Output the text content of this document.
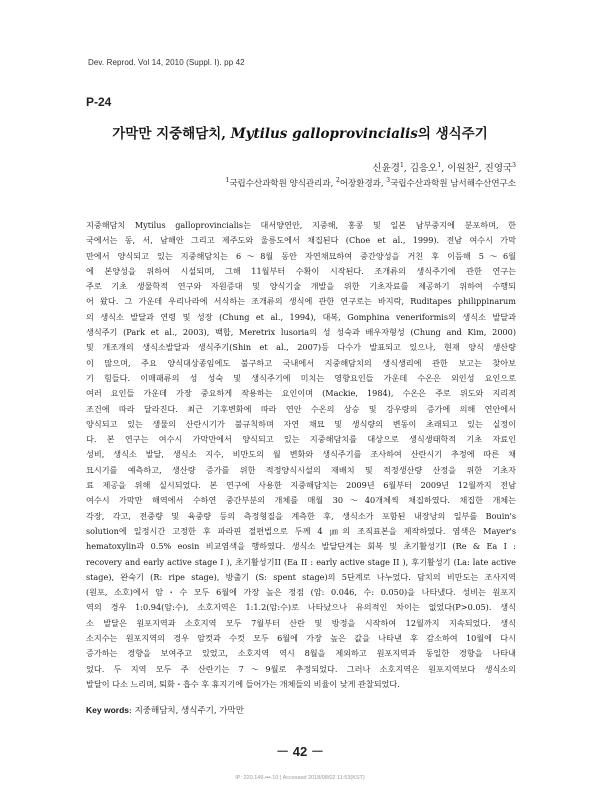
Dev. Reprod. Vol 14, 2010 (Suppl. I). pp 42
P-24
가막만 지중해담치, Mytilus galloprovincialis의 생식주기
신윤경$^1$, 김응오$^1$, 이원찬$^2$, 진영국$^3$
$^1$국립수산과학원 양식관리과, $^2$어장환경과, $^3$국립수산과학원 남서해수산연구소
지중해담치 Mytilus galloprovincialis는 대서양연안, 지중해, 홍콩 및 일본 남부중지에 분포하며, 한
국에서는 동, 서, 남해안 그리고 제주도와 울릉도에서 채집된다 (Choe et al., 1999). 전남 여수시 가막
만에서 양식되고 있는 지중해담치는 6～8월 동안 자연채묘하여 중간양성을 거친 후 이듬해 5～6월
에 본양성을 위하여 시설되며, 그해 11월부터 수확이 시작된다. 조개류의 생식주기에 관한 연구는
주로 기초 생물학적 연구와 자원증대 및 양식기술 개발을 위한 기초자료를 제공하기 위하여 수행되
어 왔다. 그 가운데 우리나라에 서식하는 조개류의 생식에 관한 연구로는 바지락, Ruditapes philippinarum
의 생식소 발달과 연령 및 성장 (Chung et al., 1994), 대복, Gomphina veneriformis의 생식소 발달과
생식주기 (Park et al., 2003), 백합, Meretrix lusoria의 성 성숙과 배우자형성 (Chung and Kim, 2000)
및 개조개의 생식소발달과 생식주기(Shin et al., 2007)등 다수가 발표되고 있으나, 현재 양식 생산량
이 많으며, 주요 양식대상종임에도 불구하고 국내에서 지중해담치의 생식생리에 관한 보고는 찾아보
기 힘들다. 이매패류의 성 성숙 및 생식주기에 미치는 영향요인들 가운데 수온은 외인성 요인으로
여러 요인들 가운데 가장 중요하게 작용하는 요인이며 (Mackie, 1984), 수온은 주로 위도와 지리적
조건에 따라 달라진다. 최근 기후변화에 따라 연안 수온의 상승 및 강우량의 증가에 의해 연안에서
양식되고 있는 생물의 산란시기가 불규칙하며 자연 채묘 및 생식량의 변동이 초래되고 있는 실정이
다. 본 연구는 여수시 가막만에서 양식되고 있는 지중해담치를 대상으로 생식생태학적 기초 자료인
성비, 생식소 발달, 생식소 지수, 비만도의 월 변화와 생식주기를 조사하여 산란시기 추정에 따른 채
묘시기를 예측하고, 생산량 증가를 위한 적정양식시설의 재배치 및 적정생산량 산정을 위한 기초자
료 제공을 위해 실시되었다. 본 연구에 사용한 지중해담치는 2009년 6월부터 2009년 12월까지 전남
여수시 가막만 해역에서 수하연 중간부분의 개체를 매월 30～40개체씩 채집하였다. 채집한 개체는
각장, 각고, 전중량 및 육중량 등의 측정형질을 계측한 후, 생식소가 포함된 내장낭의 일부를 Bouin's
solution에 일정시간 고정한 후 파라핀 절편법으로 두께 4 ㎛의 조직표본을 제작하였다. 염색은 Mayer's
hematoxylin과 0.5% eosin 비교염색을 행하였다. 생식소 발달단계는 회복 및 초기활성기I (Re & Ea I :
recovery and early active stage I ), 초기활성기II (Ea II : early active stage II ), 후기활성기 (La: late active
stage), 완숙기 (R: ripe stage), 방출기 (S: spent stage)의 5단계로 나누었다. 담치의 비만도는 조사지역
(원포, 소호)에서 암・수 모두 6월에 가장 높은 정점 (암: 0.046, 수: 0.050)을 나타냈다. 성비는 원포지
역의 경우 1:0.94(암:수), 소호지역은 1:1.2(암:수)로 나타났으나 유의적인 차이는 없었다(P>0.05). 생식
소 발달은 원포지역과 소호지역 모두 7월부터 산란 및 방정을 시작하여 12월까지 지속되었다. 생식
소지수는 원포지역의 경우 암컷과 수컷 모두 6월에 가장 높은 값을 나타낸 후 감소하여 10월에 다시
증가하는 경향을 보여주고 있었고, 소호지역 역시 8월을 제외하고 원포지역과 동일한 경향을 나타내
었다. 두 지역 모두 주 산란기는 7～9월로 추정되었다. 그러나 소호지역은 원포지역보다 생식소의
발달이 다소 느리며, 퇴화・흡수 후 휴지기에 들어가는 개체들의 비율이 낮게 관찰되었다.
Key words: 지중해담치, 생식주기, 가막만
－ 42 －
IP: 220.149.▪▪▪.10 | Accessed 2018/08/02 11:53(KST)
